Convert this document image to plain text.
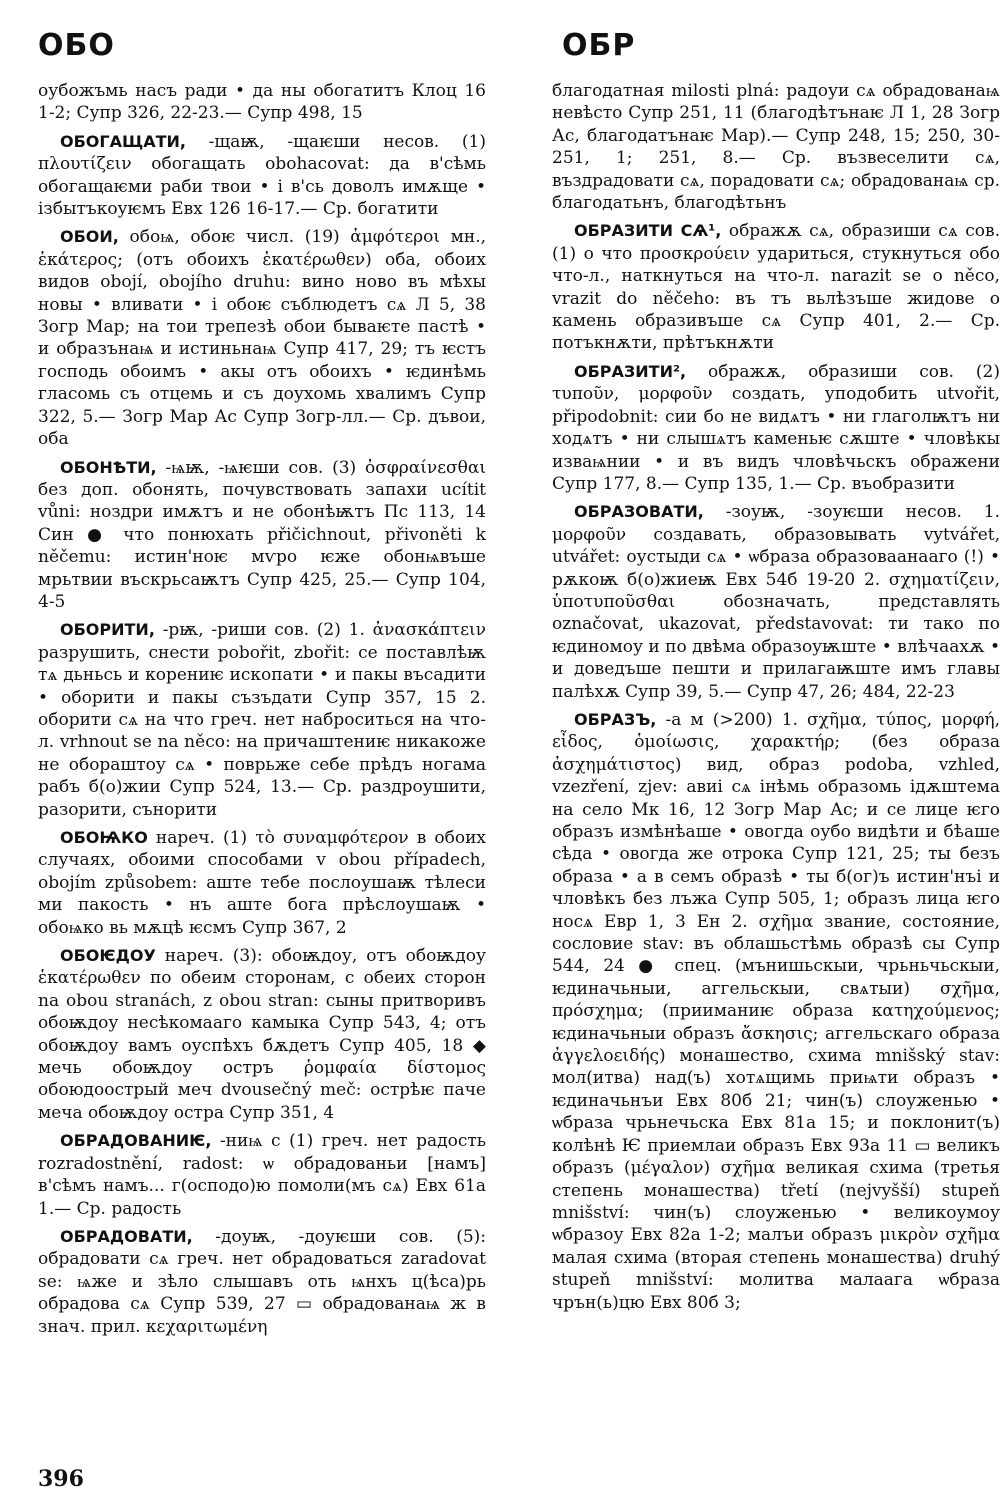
ОБО	ОБР

оубожъмь насъ ради • да ны обогатитъ Клоц 16 1-2; Супр 326, 22-23.— Супр 498, 15

ОБОГАЩАТИ, -щаѭ, -щаѥши несов. (1) πλουτίζειν обогащать obohacovat: да в'сѣмь обогащаѥми раби твои • і в'сь доволъ имѫще • ізбытъкоуѥмъ Евх 126 16-17.— Ср. богатити

ОБОИ, обоѩ, обоѥ числ. (19) ἀμφότεροι мн., ἑκάτερος; (отъ обоихъ ἑκατέρωθεν) оба, обоих видов obojí, obojího druhu: вино ново въ мѣхы новы • вливати • і обоѥ съблюдетъ сѧ Л 5, 38 Зогр Мар; на тои трепезѣ обои бываѥте пастѣ • и образънаѩ и истиньнаѩ Супр 417, 29; тъ ѥстъ господь обоимъ • акы отъ обоихъ • ѥдинѣмь гласомь съ отцемь и съ доухомь хвалимъ Супр 322, 5.— Зогр Мар Ас Супр Зогр-лл.— Ср. дъвои, оба

ОБОНѢТИ, -ѩѭ, -ѩѥши сов. (3) ὀσφραίνεσθαι без доп. обонять, почувствовать запахи ucítit vůni: ноздри имѫтъ и не обонѣѭтъ Пс 113, 14 Син ● что понюхать přičichnout, přivoněti k něčemu: истин'ноѥ мѵро ѥже обонѩвъше мрьтвии въскрьсаѭтъ Супр 425, 25.— Супр 104, 4-5

ОБОРИТИ, -рѭ, -риши сов. (2) 1. ἀνασκάπτειν разрушить, снести pobořit, zbořit: се поставлѣѭ тѧ дьньсь и корениѥ ископати • и пакы въсадити • оборити и пакы съзъдати Супр 357, 15 2. оборити сѧ на что греч. нет наброситься на что-л. vrhnout se na něco: на причаштениѥ никакоже не обораштоу сѧ • поврьже себе прѣдъ ногама рабъ б(о)жии Супр 524, 13.— Ср. раздроушити, разорити, сънорити

ОБОѨКО нареч. (1) τὸ συναμφότερον в обоих случаях, обоими способами v obou případech, obojím způsobem: аште тебе послоушаѭ тѣлеси ми пакость • нъ аште бога прѣслоушаѭ • обоѩко вь мѫцѣ ѥсмъ Супр 367, 2

ОБОѤДОУ нареч. (3): обоѭдоу, отъ обоѭдоу ἑκατέρωθεν по обеим сторонам, с обеих сторон na obou stranách, z obou stran: сыны притворивъ обоѭдоу несѣкомааго камыка Супр 543, 4; отъ обоѭдоу вамъ оуспѣхъ бѫдетъ Супр 405, 18 ◆ мечь обоѭдоу остръ ῥομφαία δίστομος обоюдоострый меч dvousečný meč: острѣѥ паче меча обоѭдоу остра Супр 351, 4

ОБРАДОВАНИѤ, -ниѩ с (1) греч. нет радость rozradostnění, radost: ѡ обрадованьи [намъ] в'сѣмъ намъ... г(осподо)ю помоли(мъ сѧ) Евх 61а 1.— Ср. радость

ОБРАДОВАТИ, -доуѭ, -доуѥши сов. (5): обрадовати сѧ греч. нет обрадоваться zaradovat se: ѩже и зѣло слышавъ оть ѩнхъ ц(ѣса)рь обрадова сѧ Супр 539, 27 ▭ обрадованаѩ ж в знач. прил. κεχαριτωμένη

благодатная milosti plná: радоуи сѧ обрадованаѩ невѣсто Супр 251, 11 (благодѣтънаѥ Л 1, 28 Зогр Ас, благодатънаѥ Мар).— Супр 248, 15; 250, 30-251, 1; 251, 8.— Ср. възвеселити сѧ, въздрадовати сѧ, порадовати сѧ; обрадованаѩ ср. благодатьнъ, благодѣтьнъ

ОБРАЗИТИ СѦ¹, ображѫ сѧ, образиши сѧ сов. (1) о что προσκρούειν удариться, стукнуться обо что-л., наткнуться на что-л. narazit se o něco, vrazit do něčeho: въ тъ вьлѣзъше жидове о камень образивъше сѧ Супр 401, 2.— Ср. потъкнѫти, прѣтъкнѫти

ОБРАЗИТИ², ображѫ, образиши сов. (2) τυποῦν, μορφοῦν создать, уподобить utvořit, připodobnit: сии бо не видѧтъ • ни глаголѭтъ ни ходѧтъ • ни слышѧтъ каменьѥ сѫште • чловѣкы изваѩнии • и въ видъ чловѣчьскъ ображени Супр 177, 8.— Супр 135, 1.— Ср. въобразити

ОБРАЗОВАТИ, -зоуѭ, -зоуѥши несов. 1. μορφοῦν создавать, образовывать vytvářet, utvářet: оустыди сѧ • ѡбраза образоваанааго (!) • рѫкоѭ б(о)жиеѭ Евх 54б 19-20 2. σχηματίζειν, ὑποτυποῦσθαι обозначать, представлять označovat, ukazovat, představovat: ти тако по ѥдиномоу и по двѣма образоуѭште • влѣчаахѫ • и доведъше пешти и прилагаѭште имъ главы палѣхѫ Супр 39, 5.— Супр 47, 26; 484, 22-23

ОБРАЗЪ, -а м (>200) 1. σχῆμα, τύπος, μορφή, εἶδος, ὁμοίωσις, χαρακτήρ; (без образа ἀσχημάτιστος) вид, образ podoba, vzhled, vzezření, zjev: авиі сѧ інѣмь образомь ідѫштема на село Мк 16, 12 Зогр Мар Ас; и се лице ѥго образъ измѣнѣаше • овогда оубо видѣти и бѣаше сѣда • овогда же отрока Супр 121, 25; ты безъ образа • а в семъ образѣ • ты б(ог)ъ истин'нъі и чловѣкъ без лъжа Супр 505, 1; образъ лица ѥго носѧ Евр 1, 3 Ен 2. σχῆμα звание, состояние, сословие stav: въ облашьстѣмь образѣ сы Супр 544, 24 ● спец. (мънишьскыи, чрьньчьскыи, ѥдиначьныи, аггельскыи, свѧтыи) σχῆμα, πρόσχημα; (прииманиѥ образа κατηχούμενος; ѥдиначьныи образъ ἄσκησις; аггельскаго образа ἀγγελοειδής) монашество, схима mnišský stav: мол(итва) над(ъ) хотѧщимь приѩти образъ • ѥдиначьнъи Евх 80б 21; чин(ъ) слоуженью • ѡбраза чрьнечьска Евх 81а 15; и поклонит(ъ) колѣнѣ Ѥ приемлаи образъ Евх 93а 11 ▭ великъ образъ (μέγαλον) σχῆμα великая схима (третья степень монашества) třetí (nejvyšší) stupeň mnišství: чин(ъ) слоуженью • великоумоу ѡбразоу Евх 82а 1-2; малъи образъ μικρὸν σχῆμα малая схима (вторая степень монашества) druhý stupeň mnišství: молитва малаага ѡбраза чрън(ь)цю Евх 80б 3;

396
